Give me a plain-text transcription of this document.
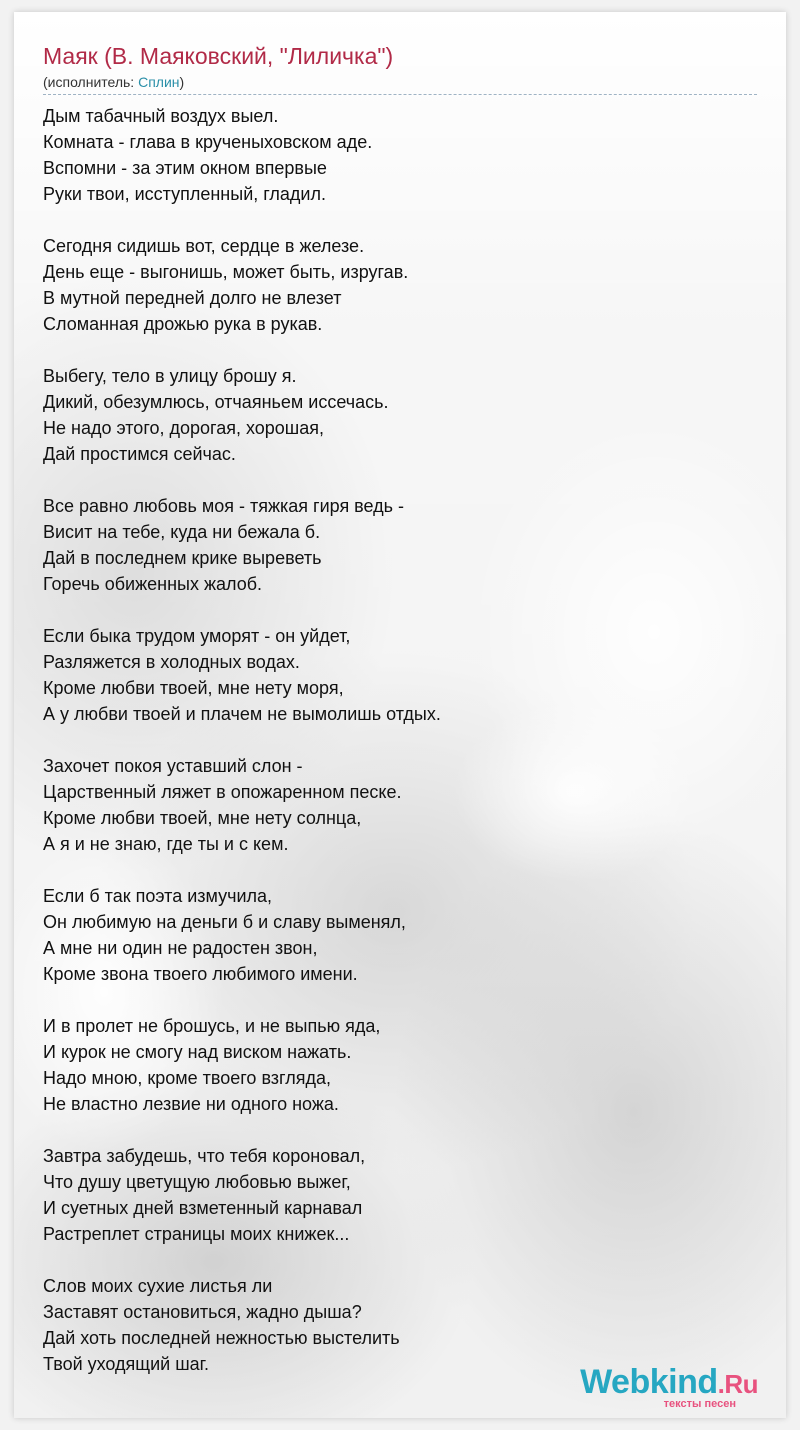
Маяк (В. Маяковский, "Лиличка")
(исполнитель: Сплин)
Дым табачный воздух выел.
Комната - глава в крученыховском аде.
Вспомни - за этим окном впервые
Руки твои, исступленный, гладил.
Сегодня сидишь вот, сердце в железе.
День еще - выгонишь, может быть, изругав.
В мутной передней долго не влезет
Сломанная дрожью рука в рукав.
Выбегу, тело в улицу брошу я.
Дикий, обезумлюсь, отчаяньем иссечась.
Не надо этого, дорогая, хорошая,
Дай простимся сейчас.
Все равно любовь моя - тяжкая гиря ведь -
Висит на тебе, куда ни бежала б.
Дай в последнем крике выреветь
Горечь обиженных жалоб.
Если быка трудом уморят - он уйдет,
Разляжется в холодных водах.
Кроме любви твоей, мне нету моря,
А у любви твоей и плачем не вымолишь отдых.
Захочет покоя уставший слон -
Царственный ляжет в опожаренном песке.
Кроме любви твоей, мне нету солнца,
А я и не знаю, где ты и с кем.
Если б так поэта измучила,
Он любимую на деньги б и славу выменял,
А мне ни один не радостен звон,
Кроме звона твоего любимого имени.
И в пролет не брошусь, и не выпью яда,
И курок не смогу над виском нажать.
Надо мною, кроме твоего взгляда,
Не властно лезвие ни одного ножа.
Завтра забудешь, что тебя короновал,
Что душу цветущую любовью выжег,
И суетных дней взметенный карнавал
Растреплет страницы моих книжек...
Слов моих сухие листья ли
Заставят остановиться, жадно дыша?
Дай хоть последней нежностью выстелить
Твой уходящий шаг.	Webkind.Ru
тексты песен
